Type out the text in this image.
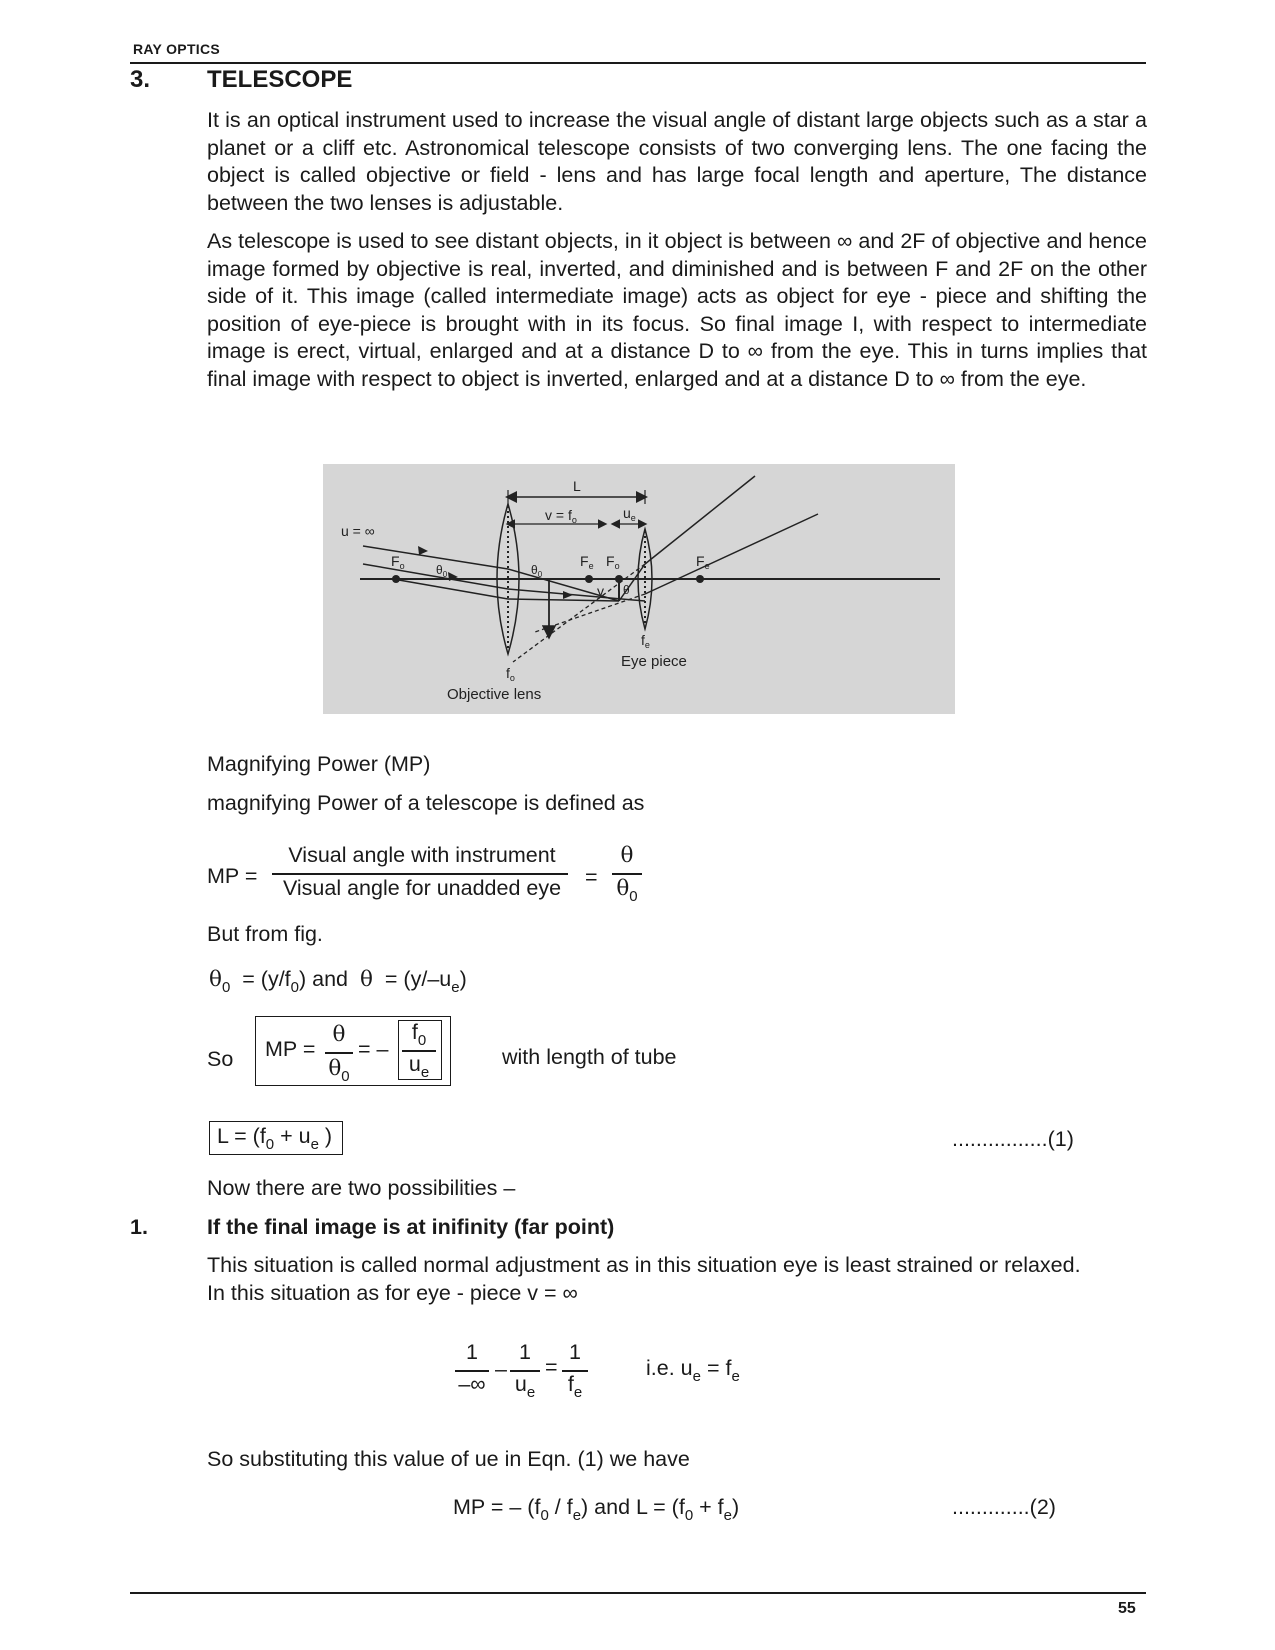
RAY OPTICS
3. TELESCOPE
It is an optical instrument used to increase the visual angle of distant large objects such as a star a planet or a cliff etc. Astronomical telescope consists of two converging lens. The one facing the object is called objective or field - lens and has large focal length and aperture, The distance between the two lenses is adjustable.
As telescope is used to see distant objects, in it object is between ∞ and 2F of objective and hence image formed by objective is real, inverted, and diminished and is between F and 2F on the other side of it. This image (called intermediate image) acts as object for eye - piece and shifting the position of eye-piece is brought with in its focus. So final image I, with respect to intermediate image is erect, virtual, enlarged and at a distance D to ∞ from the eye. This in turns implies that final image with respect to object is inverted, enlarged and at a distance D to ∞ from the eye.
L
$v = f_o$	$u_e$
u = ∞
$F_o$	$\theta_0$	$\theta_0$
$F_e$ $F_o$
y θ
$F_e$
$f_e$
Eye piece
$f_o$
Objective lens
Magnifying Power (MP)
magnifying Power of a telescope is defined as
MP =
Visual angle with instrument
Visual angle for unadded eye	=
θ
$\theta_0$
But from fig.
$\theta_0 = (y/f_0)$ and $\theta = (y/-u_e)$
So MP =
θ
$\theta_0$
= –
$f_0$
$u_e$
with length of tube
$L = (f_0 + u_e$ )	................(1)
Now there are two possibilities –
1.	If the final image is at inifinity (far point)
This situation is called normal adjustment as in this situation eye is least strained or relaxed.
In this situation as for eye - piece v = ∞
1
–∞
–
1
$u_e$
=
1
$f_e$
i.e. $u_e = f_e$
So substituting this value of ue in Eqn. (1) we have
MP = – $(f_0 / f_e)$ and $L = (f_0 + f_e)$	.............(2)
55
